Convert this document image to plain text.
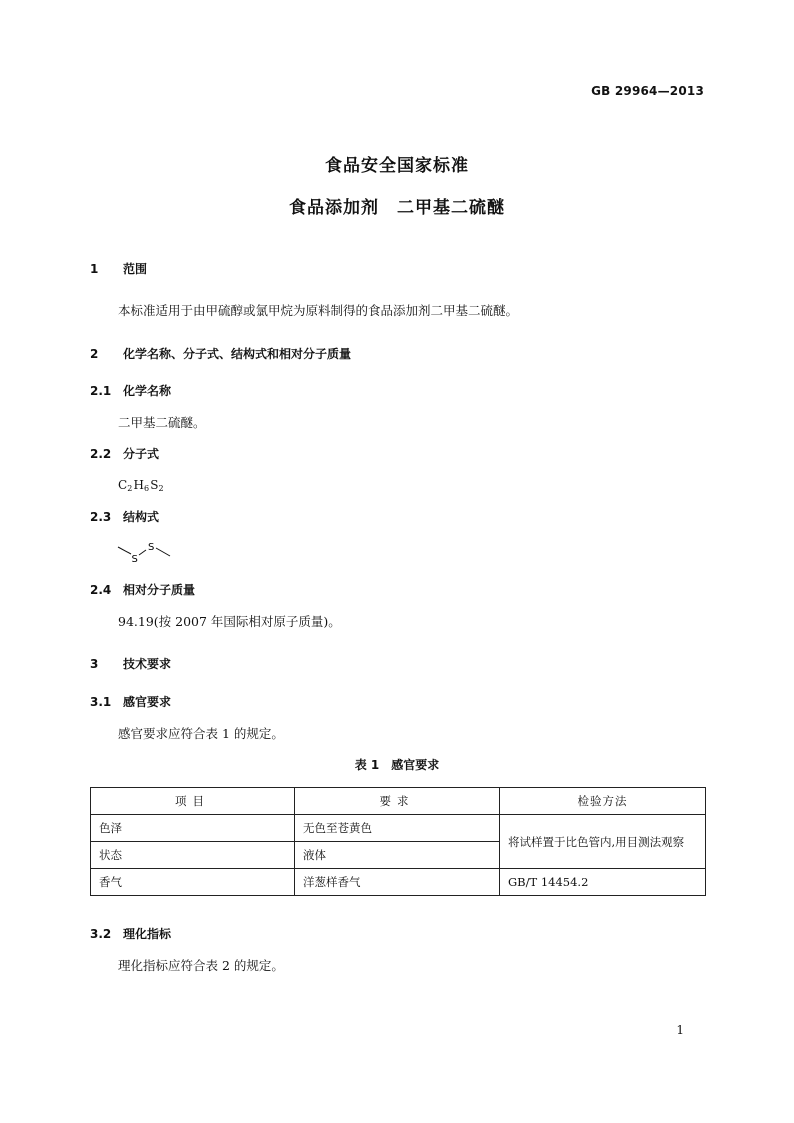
GB 29964—2013
食品安全国家标准
食品添加剂　二甲基二硫醚
1 范围
本标准适用于由甲硫醇或氯甲烷为原料制得的食品添加剂二甲基二硫醚。
2 化学名称、分子式、结构式和相对分子质量
2.1 化学名称
二甲基二硫醚。
2.2 分子式
$C_2$ $H_6$ $S_2$
2.3 结构式
S
S
2.4 相对分子质量
94.19(按 2007 年国际相对原子质量)。
3 技术要求
3.1 感官要求
感官要求应符合表 1 的规定。
表 1　感官要求
项目	要求	检验方法
色泽	无色至苍黄色	将试样置于比色管内,用目测法观察
状态	液体	
香气	洋葱样香气	GB/T 14454.2
3.2 理化指标
理化指标应符合表 2 的规定。
1
